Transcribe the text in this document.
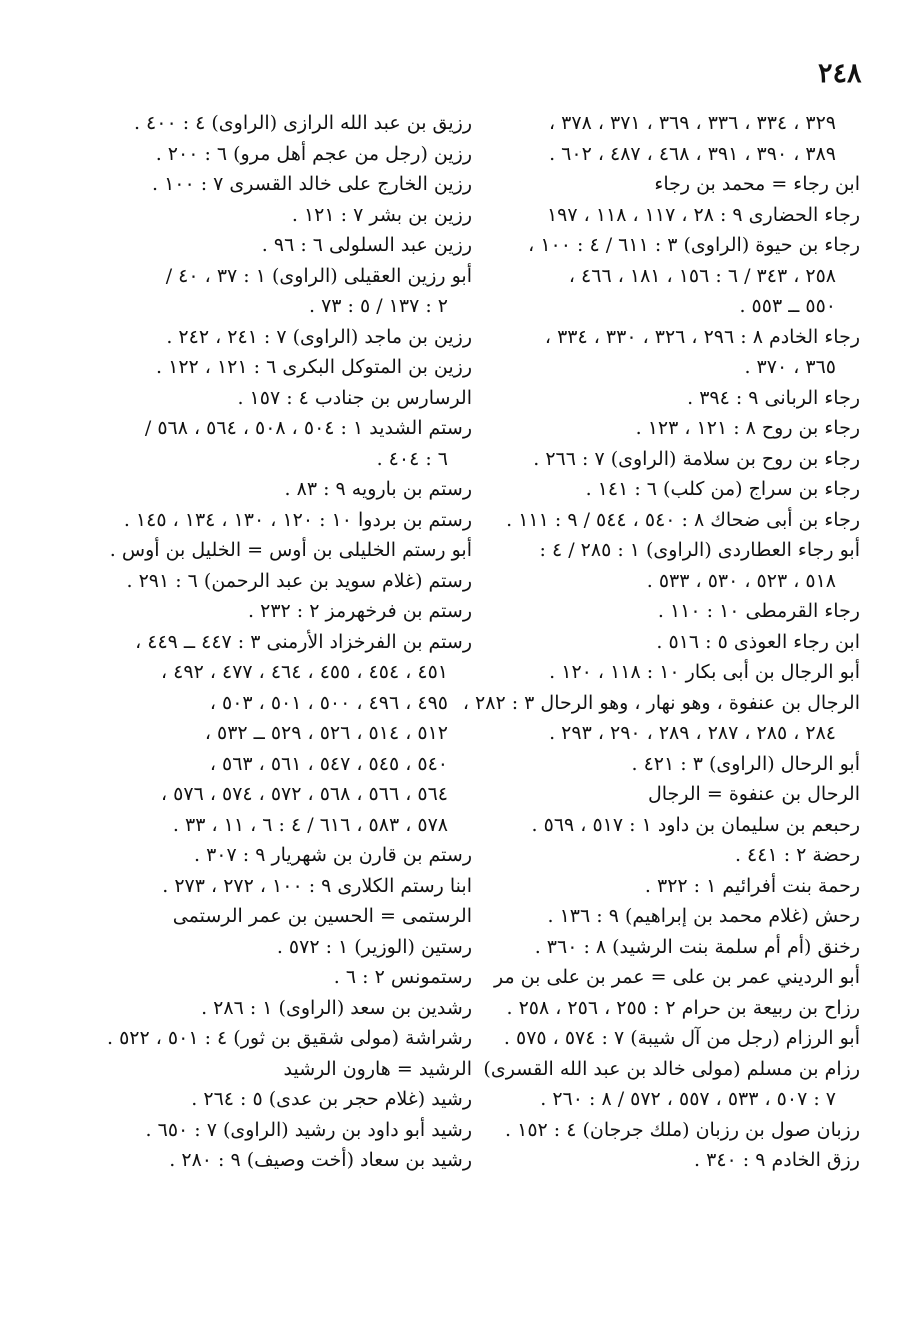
٢٤٨
٣٢٩ ، ٣٣٤ ، ٣٣٦ ، ٣٦٩ ، ٣٧١ ، ٣٧٨ ،
٣٨٩ ، ٣٩٠ ، ٣٩١ ، ٤٦٨ ، ٤٨٧ ، ٦٠٢ .
ابن رجاء = محمد بن رجاء
رجاء الحضارى ٩ : ٢٨ ، ١١٧ ، ١١٨ ، ١٩٧
رجاء بن حيوة (الراوى) ٣ : ٦١١ / ٤ : ١٠٠ ،
٢٥٨ ، ٣٤٣ / ٦ : ١٥٦ ، ١٨١ ، ٤٦٦ ،
٥٥٠ ــ ٥٥٣ .
رجاء الخادم ٨ : ٢٩٦ ، ٣٢٦ ، ٣٣٠ ، ٣٣٤ ،
٣٦٥ ، ٣٧٠ .
رجاء الربانى ٩ : ٣٩٤ .
رجاء بن روح ٨ : ١٢١ ، ١٢٣ .
رجاء بن روح بن سلامة (الراوى) ٧ : ٢٦٦ .
رجاء بن سراج (من كلب) ٦ : ١٤١ .
رجاء بن أبى ضحاك ٨ : ٥٤٠ ، ٥٤٤ / ٩ : ١١١ .
أبو رجاء العطاردى (الراوى) ١ : ٢٨٥ / ٤ :
٥١٨ ، ٥٢٣ ، ٥٣٠ ، ٥٣٣ .
رجاء القرمطى ١٠ : ١١٠ .
ابن رجاء العوذى ٥ : ٥١٦ .
أبو الرجال بن أبى بكار ١٠ : ١١٨ ، ١٢٠ .
الرجال بن عنفوة ، وهو نهار ، وهو الرحال ٣ : ٢٨٢ ،
٢٨٤ ، ٢٨٥ ، ٢٨٧ ، ٢٨٩ ، ٢٩٠ ، ٢٩٣ .
أبو الرحال (الراوى) ٣ : ٤٢١ .
الرحال بن عنفوة = الرجال
رحبعم بن سليمان بن داود ١ : ٥١٧ ، ٥٦٩ .
رحضة ٢ : ٤٤١ .
رحمة بنت أفرائيم ١ : ٣٢٢ .
رحش (غلام محمد بن إبراهيم) ٩ : ١٣٦ .
رخنق (أم أم سلمة بنت الرشيد) ٨ : ٣٦٠ .
أبو الرديني عمر بن على = عمر بن على بن مر
رزاح بن ربيعة بن حرام ٢ : ٢٥٥ ، ٢٥٦ ، ٢٥٨ .
أبو الرزام (رجل من آل شيبة) ٧ : ٥٧٤ ، ٥٧٥ .
رزام بن مسلم (مولى خالد بن عبد الله القسرى)
٧ : ٥٠٧ ، ٥٣٣ ، ٥٥٧ ، ٥٧٢ / ٨ : ٢٦٠ .
رزبان صول بن رزبان (ملك جرجان) ٤ : ١٥٢ .
رزق الخادم ٩ : ٣٤٠ .
رزيق بن عبد الله الرازى (الراوى) ٤ : ٤٠٠ .
رزين (رجل من عجم أهل مرو) ٦ : ٢٠٠ .
رزين الخارج على خالد القسرى ٧ : ١٠٠ .
رزين بن بشر ٧ : ١٢١ .
رزين عبد السلولى ٦ : ٩٦ .
أبو رزين العقيلى (الراوى) ١ : ٣٧ ، ٤٠ /
٢ : ١٣٧ / ٥ : ٧٣ .
رزين بن ماجد (الراوى) ٧ : ٢٤١ ، ٢٤٢ .
رزين بن المتوكل البكرى ٦ : ١٢١ ، ١٢٢ .
الرسارس بن جنادب ٤ : ١٥٧ .
رستم الشديد ١ : ٥٠٤ ، ٥٠٨ ، ٥٦٤ ، ٥٦٨ /
٦ : ٤٠٤ .
رستم بن بارويه ٩ : ٨٣ .
رستم بن بردوا ١٠ : ١٢٠ ، ١٣٠ ، ١٣٤ ، ١٤٥ .
أبو رستم الخليلى بن أوس = الخليل بن أوس .
رستم (غلام سويد بن عبد الرحمن) ٦ : ٢٩١ .
رستم بن فرخهرمز ٢ : ٢٣٢ .
رستم بن الفرخزاد الأرمنى ٣ : ٤٤٧ ــ ٤٤٩ ،
٤٥١ ، ٤٥٤ ، ٤٥٥ ، ٤٦٤ ، ٤٧٧ ، ٤٩٢ ،
٤٩٥ ، ٤٩٦ ، ٥٠٠ ، ٥٠١ ، ٥٠٣ ،
٥١٢ ، ٥١٤ ، ٥٢٦ ، ٥٢٩ ــ ٥٣٢ ،
٥٤٠ ، ٥٤٥ ، ٥٤٧ ، ٥٦١ ، ٥٦٣ ،
٥٦٤ ، ٥٦٦ ، ٥٦٨ ، ٥٧٢ ، ٥٧٤ ، ٥٧٦ ،
٥٧٨ ، ٥٨٣ ، ٦١٦ / ٤ : ٦ ، ١١ ، ٣٣ .
رستم بن قارن بن شهريار ٩ : ٣٠٧ .
ابنا رستم الكلارى ٩ : ١٠٠ ، ٢٧٢ ، ٢٧٣ .
الرستمى = الحسين بن عمر الرستمى
رستين (الوزير) ١ : ٥٧٢ .
رستمونس ٢ : ٦ .
رشدين بن سعد (الراوى) ١ : ٢٨٦ .
رشراشة (مولى شقيق بن ثور) ٤ : ٥٠١ ، ٥٢٢ .
الرشيد = هارون الرشيد
رشيد (غلام حجر بن عدى) ٥ : ٢٦٤ .
رشيد أبو داود بن رشيد (الراوى) ٧ : ٦٥٠ .
رشيد بن سعاد (أخت وصيف) ٩ : ٢٨٠ .
